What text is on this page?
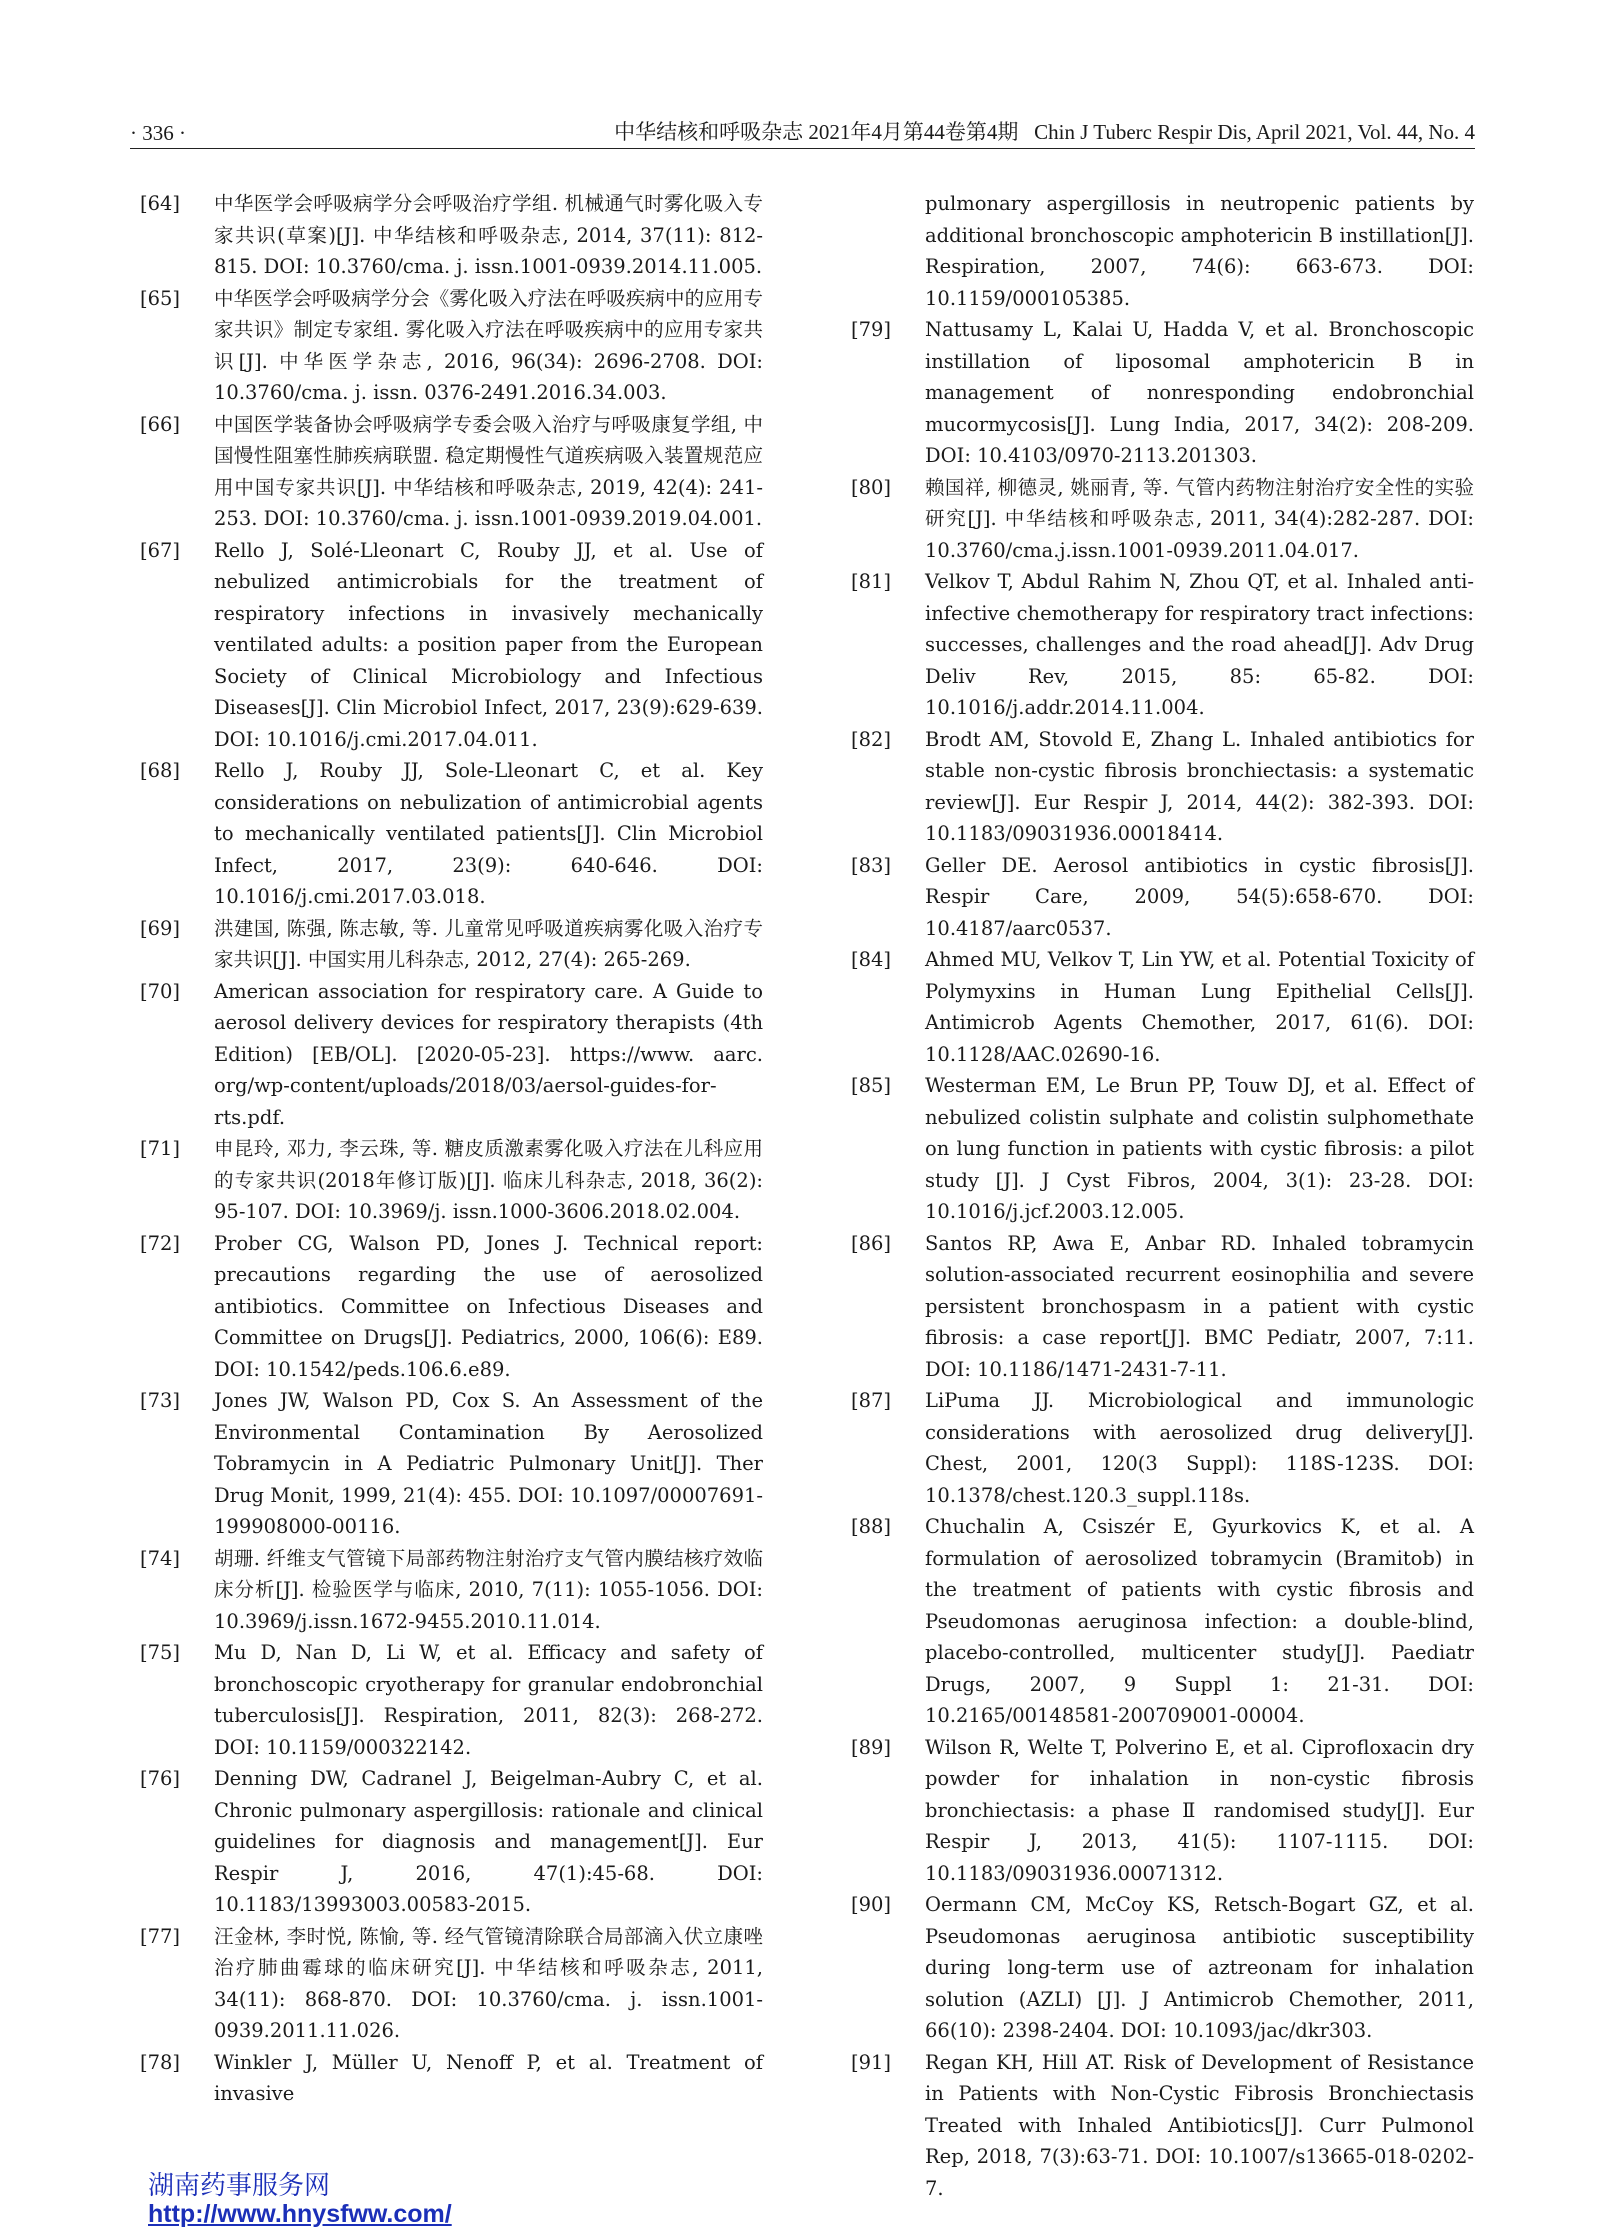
· 336 ·	中华结核和呼吸杂志 2021年4月第44卷第4期   Chin J Tuberc Respir Dis, April 2021, Vol. 44, No. 4
[64]	中华医学会呼吸病学分会呼吸治疗学组. 机械通气时雾化吸入专家共识(草案)[J]. 中华结核和呼吸杂志, 2014, 37(11): 812-815. DOI: 10.3760/cma. j. issn.1001-0939.2014.11.005.
[65]	中华医学会呼吸病学分会《雾化吸入疗法在呼吸疾病中的应用专家共识》制定专家组. 雾化吸入疗法在呼吸疾病中的应用专家共识[J]. 中华医学杂志, 2016, 96(34): 2696-2708. DOI: 10.3760/cma. j. issn. 0376-2491.2016.34.003.
[66]	中国医学装备协会呼吸病学专委会吸入治疗与呼吸康复学组, 中国慢性阻塞性肺疾病联盟. 稳定期慢性气道疾病吸入装置规范应用中国专家共识[J]. 中华结核和呼吸杂志, 2019, 42(4): 241-253. DOI: 10.3760/cma. j. issn.1001-0939.2019.04.001.
[67]	Rello J, Solé-Lleonart C, Rouby JJ, et al. Use of nebulized antimicrobials for the treatment of respiratory infections in invasively mechanically ventilated adults: a position paper from the European Society of Clinical Microbiology and Infectious Diseases[J]. Clin Microbiol Infect, 2017, 23(9):629-639. DOI: 10.1016/j.cmi.2017.04.011.
[68]	Rello J, Rouby JJ, Sole-Lleonart C, et al. Key considerations on nebulization of antimicrobial agents to mechanically ventilated patients[J]. Clin Microbiol Infect, 2017, 23(9): 640-646. DOI: 10.1016/j.cmi.2017.03.018.
[69]	洪建国, 陈强, 陈志敏, 等. 儿童常见呼吸道疾病雾化吸入治疗专家共识[J]. 中国实用儿科杂志, 2012, 27(4): 265-269.
[70]	American association for respiratory care. A Guide to aerosol delivery devices for respiratory therapists (4th Edition) [EB/OL]. [2020-05-23]. https://www. aarc. org/wp-content/uploads/2018/03/aersol-guides-for-rts.pdf.
[71]	申昆玲, 邓力, 李云珠, 等. 糖皮质激素雾化吸入疗法在儿科应用的专家共识(2018年修订版)[J]. 临床儿科杂志, 2018, 36(2): 95-107. DOI: 10.3969/j. issn.1000-3606.2018.02.004.
[72]	Prober CG, Walson PD, Jones J. Technical report: precautions regarding the use of aerosolized antibiotics. Committee on Infectious Diseases and Committee on Drugs[J]. Pediatrics, 2000, 106(6): E89. DOI: 10.1542/peds.106.6.e89.
[73]	Jones JW, Walson PD, Cox S. An Assessment of the Environmental Contamination By Aerosolized Tobramycin in A Pediatric Pulmonary Unit[J]. Ther Drug Monit, 1999, 21(4): 455. DOI: 10.1097/00007691-199908000-00116.
[74]	胡珊. 纤维支气管镜下局部药物注射治疗支气管内膜结核疗效临床分析[J]. 检验医学与临床, 2010, 7(11): 1055-1056. DOI: 10.3969/j.issn.1672-9455.2010.11.014.
[75]	Mu D, Nan D, Li W, et al. Efficacy and safety of bronchoscopic cryotherapy for granular endobronchial tuberculosis[J]. Respiration, 2011, 82(3): 268-272. DOI: 10.1159/000322142.
[76]	Denning DW, Cadranel J, Beigelman-Aubry C, et al. Chronic pulmonary aspergillosis: rationale and clinical guidelines for diagnosis and management[J]. Eur Respir J, 2016, 47(1):45-68. DOI: 10.1183/13993003.00583-2015.
[77]	汪金林, 李时悦, 陈愉, 等. 经气管镜清除联合局部滴入伏立康唑治疗肺曲霉球的临床研究[J]. 中华结核和呼吸杂志, 2011, 34(11): 868-870. DOI: 10.3760/cma. j. issn.1001-0939.2011.11.026.
[78]	Winkler J, Müller U, Nenoff P, et al. Treatment of invasive
pulmonary aspergillosis in neutropenic patients by additional bronchoscopic amphotericin B instillation[J]. Respiration, 2007, 74(6): 663-673. DOI: 10.1159/000105385.
[79]	Nattusamy L, Kalai U, Hadda V, et al. Bronchoscopic instillation of liposomal amphotericin B in management of nonresponding endobronchial mucormycosis[J]. Lung India, 2017, 34(2): 208-209. DOI: 10.4103/0970-2113.201303.
[80]	赖国祥, 柳德灵, 姚丽青, 等. 气管内药物注射治疗安全性的实验研究[J]. 中华结核和呼吸杂志, 2011, 34(4):282-287. DOI: 10.3760/cma.j.issn.1001-0939.2011.04.017.
[81]	Velkov T, Abdul Rahim N, Zhou QT, et al. Inhaled anti-infective chemotherapy for respiratory tract infections: successes, challenges and the road ahead[J]. Adv Drug Deliv Rev, 2015, 85: 65-82. DOI: 10.1016/j.addr.2014.11.004.
[82]	Brodt AM, Stovold E, Zhang L. Inhaled antibiotics for stable non-cystic fibrosis bronchiectasis: a systematic review[J]. Eur Respir J, 2014, 44(2): 382-393. DOI: 10.1183/09031936.00018414.
[83]	Geller DE. Aerosol antibiotics in cystic fibrosis[J]. Respir Care, 2009, 54(5):658-670. DOI: 10.4187/aarc0537.
[84]	Ahmed MU, Velkov T, Lin YW, et al. Potential Toxicity of Polymyxins in Human Lung Epithelial Cells[J]. Antimicrob Agents Chemother, 2017, 61(6). DOI: 10.1128/AAC.02690-16.
[85]	Westerman EM, Le Brun PP, Touw DJ, et al. Effect of nebulized colistin sulphate and colistin sulphomethate on lung function in patients with cystic fibrosis: a pilot study [J]. J Cyst Fibros, 2004, 3(1): 23-28. DOI: 10.1016/j.jcf.2003.12.005.
[86]	Santos RP, Awa E, Anbar RD. Inhaled tobramycin solution-associated recurrent eosinophilia and severe persistent bronchospasm in a patient with cystic fibrosis: a case report[J]. BMC Pediatr, 2007, 7:11. DOI: 10.1186/1471-2431-7-11.
[87]	LiPuma JJ. Microbiological and immunologic considerations with aerosolized drug delivery[J]. Chest, 2001, 120(3 Suppl): 118S-123S. DOI: 10.1378/chest.120.3_suppl.118s.
[88]	Chuchalin A, Csiszér E, Gyurkovics K, et al. A formulation of aerosolized tobramycin (Bramitob) in the treatment of patients with cystic fibrosis and Pseudomonas aeruginosa infection: a double-blind, placebo-controlled, multicenter study[J]. Paediatr Drugs, 2007, 9 Suppl 1: 21-31. DOI: 10.2165/00148581-200709001-00004.
[89]	Wilson R, Welte T, Polverino E, et al. Ciprofloxacin dry powder for inhalation in non-cystic fibrosis bronchiectasis: a phase Ⅱ randomised study[J]. Eur Respir J, 2013, 41(5): 1107-1115. DOI: 10.1183/09031936.00071312.
[90]	Oermann CM, McCoy KS, Retsch-Bogart GZ, et al. Pseudomonas aeruginosa antibiotic susceptibility during long-term use of aztreonam for inhalation solution (AZLI) [J]. J Antimicrob Chemother, 2011, 66(10): 2398-2404. DOI: 10.1093/jac/dkr303.
[91]	Regan KH, Hill AT. Risk of Development of Resistance in Patients with Non-Cystic Fibrosis Bronchiectasis Treated with Inhaled Antibiotics[J]. Curr Pulmonol Rep, 2018, 7(3):63-71. DOI: 10.1007/s13665-018-0202-7.
湖南药事服务网
http://www.hnysfww.com/
